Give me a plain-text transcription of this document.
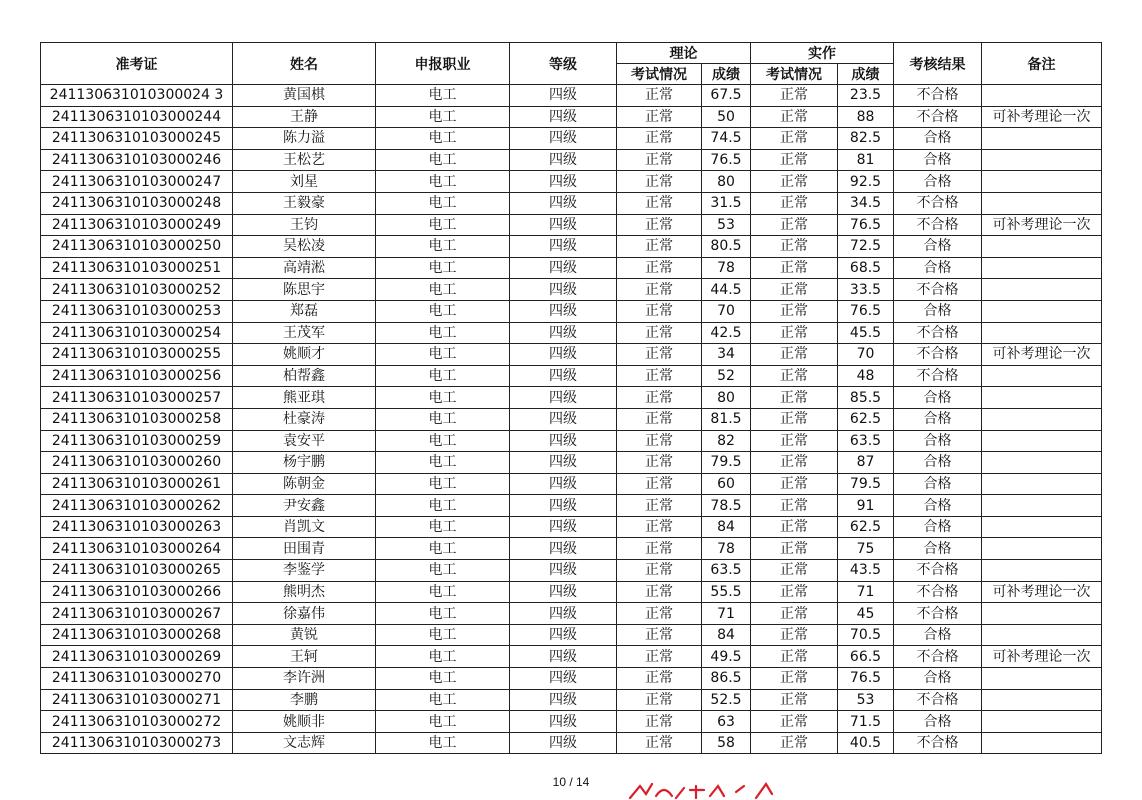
准考证	姓名	申报职业	等级	理论		实作		考核结果	备注
				考试情况	成绩	考试情况	成绩		
241130631010300024 3	黄国棋	电工	四级	正常	67.5	正常	23.5	不合格	
2411306310103000244	王静	电工	四级	正常	50	正常	88	不合格	可补考理论一次
2411306310103000245	陈力溢	电工	四级	正常	74.5	正常	82.5	合格	
2411306310103000246	王松艺	电工	四级	正常	76.5	正常	81	合格	
2411306310103000247	刘星	电工	四级	正常	80	正常	92.5	合格	
2411306310103000248	王毅豪	电工	四级	正常	31.5	正常	34.5	不合格	
2411306310103000249	王钧	电工	四级	正常	53	正常	76.5	不合格	可补考理论一次
2411306310103000250	吴松凌	电工	四级	正常	80.5	正常	72.5	合格	
2411306310103000251	高靖淞	电工	四级	正常	78	正常	68.5	合格	
2411306310103000252	陈思宇	电工	四级	正常	44.5	正常	33.5	不合格	
2411306310103000253	郑磊	电工	四级	正常	70	正常	76.5	合格	
2411306310103000254	王茂军	电工	四级	正常	42.5	正常	45.5	不合格	
2411306310103000255	姚顺才	电工	四级	正常	34	正常	70	不合格	可补考理论一次
2411306310103000256	柏帮鑫	电工	四级	正常	52	正常	48	不合格	
2411306310103000257	熊亚琪	电工	四级	正常	80	正常	85.5	合格	
2411306310103000258	杜豪涛	电工	四级	正常	81.5	正常	62.5	合格	
2411306310103000259	袁安平	电工	四级	正常	82	正常	63.5	合格	
2411306310103000260	杨宇鹏	电工	四级	正常	79.5	正常	87	合格	
2411306310103000261	陈朝金	电工	四级	正常	60	正常	79.5	合格	
2411306310103000262	尹安鑫	电工	四级	正常	78.5	正常	91	合格	
2411306310103000263	肖凯文	电工	四级	正常	84	正常	62.5	合格	
2411306310103000264	田围青	电工	四级	正常	78	正常	75	合格	
2411306310103000265	李鉴学	电工	四级	正常	63.5	正常	43.5	不合格	
2411306310103000266	熊明杰	电工	四级	正常	55.5	正常	71	不合格	可补考理论一次
2411306310103000267	徐嘉伟	电工	四级	正常	71	正常	45	不合格	
2411306310103000268	黄锐	电工	四级	正常	84	正常	70.5	合格	
2411306310103000269	王轲	电工	四级	正常	49.5	正常	66.5	不合格	可补考理论一次
2411306310103000270	李许洲	电工	四级	正常	86.5	正常	76.5	合格	
2411306310103000271	李鹏	电工	四级	正常	52.5	正常	53	不合格	
2411306310103000272	姚顺非	电工	四级	正常	63	正常	71.5	合格	
2411306310103000273	文志辉	电工	四级	正常	58	正常	40.5	不合格	
10 / 14
